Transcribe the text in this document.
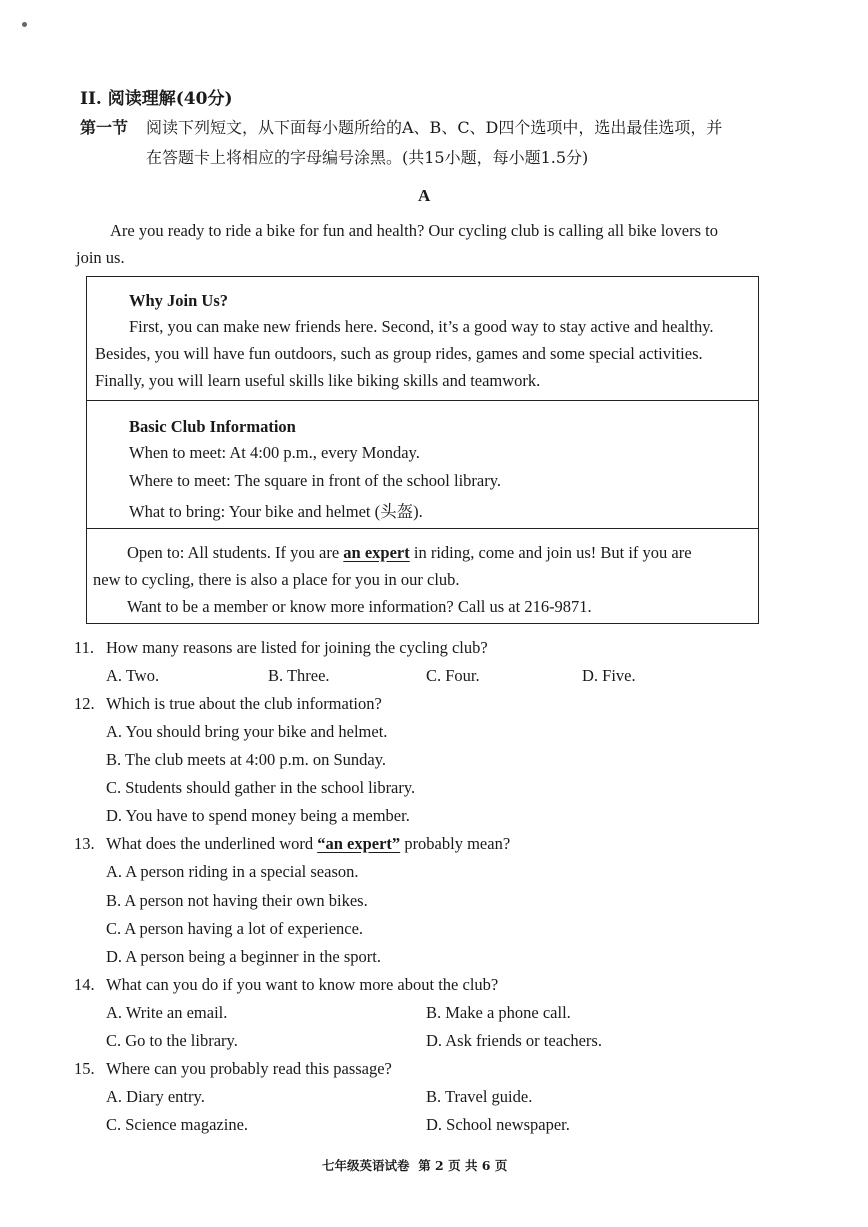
II. 阅读理解(40分)
第一节 阅读下列短文，从下面每小题所给的A、B、C、D四个选项中，选出最佳选项，并
在答题卡上将相应的字母编号涂黑。(共15小题，每小题1.5分)
A
Are you ready to ride a bike for fun and health? Our cycling club is calling all bike lovers to
join us.
Why Join Us?
First, you can make new friends here. Second, it’s a good way to stay active and healthy.
Besides, you will have fun outdoors, such as group rides, games and some special activities.
Finally, you will learn useful skills like biking skills and teamwork.
Basic Club Information
When to meet: At 4:00 p.m., every Monday.
Where to meet: The square in front of the school library.
What to bring: Your bike and helmet (头盔).
Open to: All students. If you are an expert in riding, come and join us! But if you are
new to cycling, there is also a place for you in our club.
Want to be a member or know more information? Call us at 216-9871.
11. How many reasons are listed for joining the cycling club?
A. Two.	B. Three.	C. Four.	D. Five.
12. Which is true about the club information?
A. You should bring your bike and helmet.
B. The club meets at 4:00 p.m. on Sunday.
C. Students should gather in the school library.
D. You have to spend money being a member.
13. What does the underlined word “an expert” probably mean?
A. A person riding in a special season.
B. A person not having their own bikes.
C. A person having a lot of experience.
D. A person being a beginner in the sport.
14. What can you do if you want to know more about the club?
A. Write an email.	B. Make a phone call.
C. Go to the library.	D. Ask friends or teachers.
15. Where can you probably read this passage?
A. Diary entry.	B. Travel guide.
C. Science magazine.	D. School newspaper.
七年级英语试卷  第 2 页 共 6 页
